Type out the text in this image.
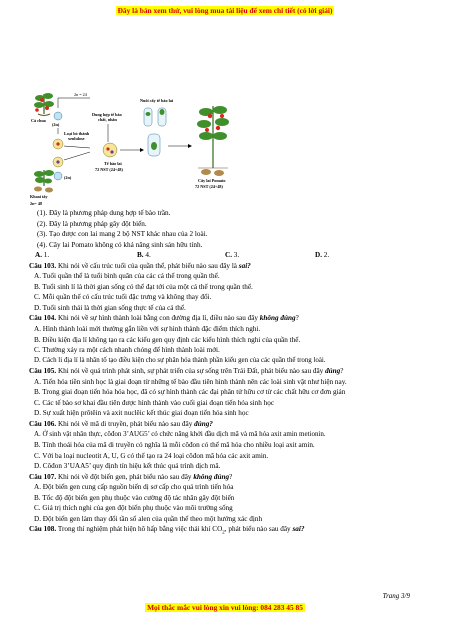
Đây là bản xem thử, vui lòng mua tài liệu để xem chi tiết (có lời giải)
Cà chua
2n = 24
(2n)
Loại bỏ thành
xenlulose
(2n)
Khoai tây
2n= 48
Dung hợp tế bào
chất, nhân
Tế bào lai
72 NST (24+48)
Nuôi cấy tế bào lai
Cây lai Pomato
72 NST (24+48)
(1). Đây là phương pháp dung hợp tế bào trần.
(2). Đây là phương pháp gây đột biến.
(3). Tạo được con lai mang 2 bộ NST khác nhau của 2 loài.
(4). Cây lai Pomato không có khả năng sinh sản hữu tính.
A. 1.	B. 4.	C. 3.	D. 2.
Câu 103. Khi nói về cấu trúc tuổi của quần thể, phát biểu nào sau đây là sai?
A. Tuổi quần thể là tuổi bình quân của các cá thể trong quần thể.
B. Tuổi sinh lí là thời gian sống có thể đạt tới của một cá thể trong quần thể.
C. Mỗi quần thể có cấu trúc tuổi đặc trưng và không thay đổi.
D. Tuổi sinh thái là thời gian sống thực tế của cá thể.
Câu 104. Khi nói về sự hình thành loài bằng con đường địa lí, điều nào sau đây không đúng?
A. Hình thành loài mới thường gắn liền với sự hình thành đặc điểm thích nghi.
B. Điều kiện địa lí không tạo ra các kiểu gen quy định các kiểu hình thích nghi của quần thể.
C. Thường xảy ra một cách nhanh chóng để hình thành loài mới.
D. Cách li địa lí là nhân tố tạo điều kiện cho sự phân hóa thành phần kiểu gen của các quần thể trong loài.
Câu 105. Khi nói về quá trình phát sinh, sự phát triển của sự sống trên Trái Đất, phát biểu nào sau đây đúng?
A. Tiến hóa tiền sinh học là giai đoạn từ những tế bào đầu tiên hình thành nên các loài sinh vật như hiện nay.
B. Trong giai đoạn tiến hóa hóa học, đã có sự hình thành các đại phân tử hữu cơ từ các chất hữu cơ đơn giản
C. Các tế bào sơ khai đầu tiên được hình thành vào cuối giai đoạn tiến hóa sinh học
D. Sự xuất hiện prôtêin và axit nuclêic kết thúc giai đoạn tiến hóa sinh học
Câu 106. Khi nói về mã di truyền, phát biểu nào sau đây đúng?
A. Ở sinh vật nhân thực, côđon 3’AUG5’ có chức năng khởi đầu dịch mã và mã hóa axit amin metionin.
B. Tính thoái hóa của mã di truyền có nghĩa là mỗi côđon có thể mã hóa cho nhiều loại axit amin.
C. Với ba loại nucleotit A, U, G có thể tạo ra 24 loại côđon mã hóa các axit amin.
D. Côđon 3’UAA5’ quy định tín hiệu kết thúc quá trình dịch mã.
Câu 107. Khi nói về đột biến gen, phát biểu nào sau đây không đúng?
A. Đột biến gen cung cấp nguồn biến dị sơ cấp cho quá trình tiến hóa
B. Tốc độ đột biến gen phụ thuộc vào cường độ tác nhân gây đột biến
C. Giá trị thích nghi của gen đột biến phụ thuộc vào môi trường sống
D. Đột biến gen làm thay đổi tần số alen của quần thể theo một hướng xác định
Câu 108. Trong thí nghiệm phát hiện hô hấp bằng việc thải khí $CO_2$, phát biểu nào sau đây sai?
Trang 3/9
Mọi thắc mắc vui lòng xin vui lòng: 084 283 45 85
